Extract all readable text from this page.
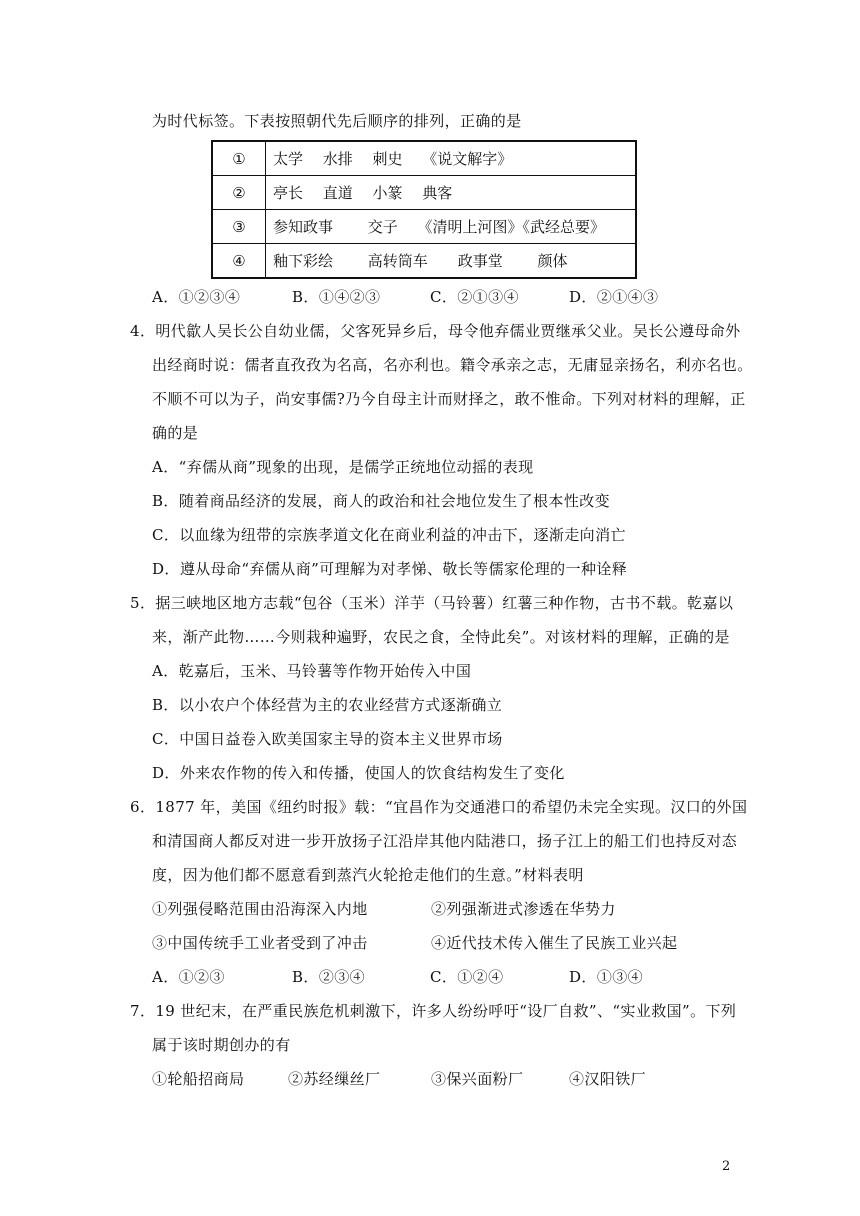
为时代标签。下表按照朝代先后顺序的排列，正确的是
①	太学　 水排　 刺史　 《说文解字》
②	亭长　 直道　 小篆　 典客
③	参知政事　　 交子　 《清明上河图》《武经总要》
④	釉下彩绘　　 高转筒车　　政事堂　　 颜体
A．①②③④	B．①④②③	C．②①③④	D．②①④③
4．明代歙人吴长公自幼业儒，父客死异乡后，母令他弃儒业贾继承父业。吴长公遵母命外
出经商时说：儒者直孜孜为名高，名亦利也。籍令承亲之志，无庸显亲扬名，利亦名也。
不顺不可以为子，尚安事儒?乃今自母主计而财择之，敢不惟命。下列对材料的理解，正
确的是
A．“弃儒从商”现象的出现，是儒学正统地位动摇的表现
B．随着商品经济的发展，商人的政治和社会地位发生了根本性改变
C．以血缘为纽带的宗族孝道文化在商业利益的冲击下，逐渐走向消亡
D．遵从母命“弃儒从商”可理解为对孝悌、敬长等儒家伦理的一种诠释
5．据三峡地区地方志载“包谷（玉米）洋芋（马铃薯）红薯三种作物，古书不载。乾嘉以
来，渐产此物……今则栽种遍野，农民之食，全恃此矣”。对该材料的理解，正确的是
A．乾嘉后，玉米、马铃薯等作物开始传入中国
B．以小农户个体经营为主的农业经营方式逐渐确立
C．中国日益卷入欧美国家主导的资本主义世界市场
D．外来农作物的传入和传播，使国人的饮食结构发生了变化
6．1877 年，美国《纽约时报》载：“宜昌作为交通港口的希望仍未完全实现。汉口的外国
和清国商人都反对进一步开放扬子江沿岸其他内陆港口，扬子江上的船工们也持反对态
度，因为他们都不愿意看到蒸汽火轮抢走他们的生意。”材料表明
①列强侵略范围由沿海深入内地	②列强渐进式渗透在华势力
③中国传统手工业者受到了冲击	④近代技术传入催生了民族工业兴起
A．①②③	B．②③④	C．①②④	D．①③④
7．19 世纪末，在严重民族危机刺激下，许多人纷纷呼吁“设厂自救”、“实业救国”。下列
属于该时期创办的有
①轮船招商局	②苏经缫丝厂	③保兴面粉厂	④汉阳铁厂
2
